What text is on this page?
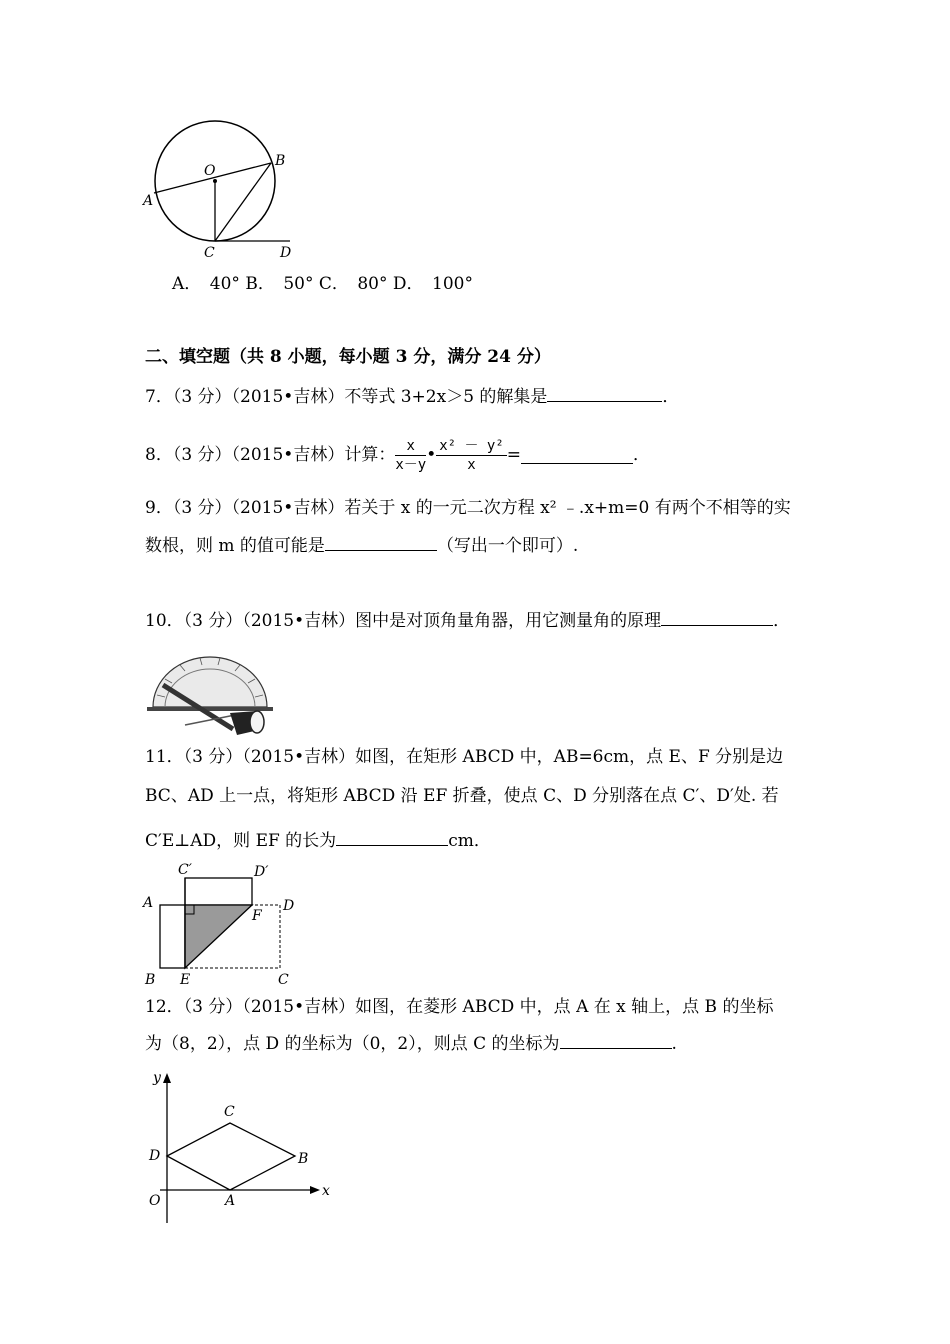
O
B
A
C	D
A．　40° B．　50° C．　80° D．　100°
二、填空题（共 8 小题，每小题 3 分，满分 24 分）
7．（3 分）（2015•吉林）不等式 3+2x＞5 的解集是	．
8．（3 分）（2015•吉林）计算： $\frac{x}{x-y}$ • $\frac{\text{x² － y²}}{x}$ =	．
9．（3 分）（2015•吉林）若关于 x 的一元二次方程 x² ﹣.x+m=0 有两个不相等的实
数根，则 m 的值可能是	（写出一个即可）.
10．（3 分）（2015•吉林）图中是对顶角量角器，用它测量角的原理	．
11．（3 分）（2015•吉林）如图，在矩形 ABCD 中，AB=6cm，点 E、F 分别是边
BC、AD 上一点，将矩形 ABCD 沿 EF 折叠，使点 C、D 分别落在点 C′、D′处. 若
C′E⊥AD，则 EF 的长为	cm．
C′	D′
A	D
F
B E	C
12．（3 分）（2015•吉林）如图，在菱形 ABCD 中，点 A 在 x 轴上，点 B 的坐标
为（8，2），点 D 的坐标为（0，2），则点 C 的坐标为	.
y
C
D	B
O	A
x
